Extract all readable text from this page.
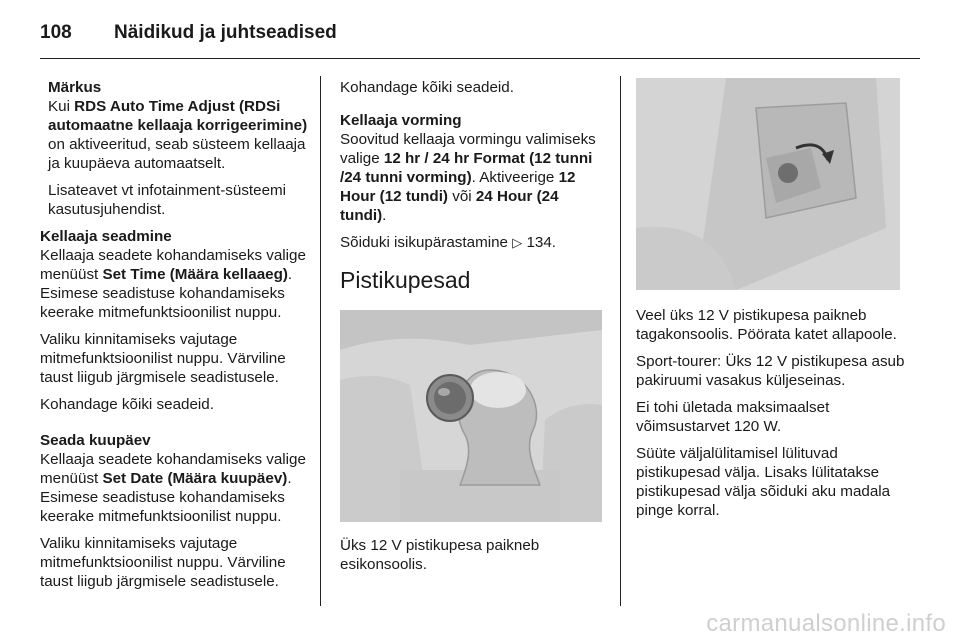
108 Näidikud ja juhtseadised
Märkus

Kui RDS Auto Time Adjust (RDSi automaatne kellaaja korrigeerimine) on aktiveeritud, seab süsteem kellaaja ja kuupäeva automaatselt.

Lisateavet vt infotainment-süsteemi kasutusjuhendist.

Kellaaja seadmine

Kellaaja seadete kohandamiseks valige menüüst Set Time (Määra kellaaeg). Esimese seadistuse kohandamiseks keerake mitmefunktsioonilist nuppu.

Valiku kinnitamiseks vajutage mitmefunktsioonilist nuppu. Värviline taust liigub järgmisele seadistusele.

Kohandage kõiki seadeid.

Seada kuupäev

Kellaaja seadete kohandamiseks valige menüüst Set Date (Määra kuupäev). Esimese seadistuse kohandamiseks keerake mitmefunktsioonilist nuppu.

Valiku kinnitamiseks vajutage mitmefunktsioonilist nuppu. Värviline taust liigub järgmisele seadistusele.

Kohandage kõiki seadeid.

Kellaaja vorming

Soovitud kellaaja vormingu valimiseks valige 12 hr / 24 hr Format (12 tunni /24 tunni vorming). Aktiveerige 12 Hour (12 tundi) või 24 Hour (24 tundi).

Sõiduki isikupärastamine ▷ 134.

Pistikupesad

Üks 12 V pistikupesa paikneb esikonsoolis.

Veel üks 12 V pistikupesa paikneb tagakonsoolis. Pöörata katet allapoole.

Sport-tourer: Üks 12 V pistikupesa asub pakiruumi vasakus küljeseinas.

Ei tohi ületada maksimaalset võimsustarvet 120 W.

Süüte väljalülitamisel lülituvad pistikupesad välja. Lisaks lülitatakse pistikupesad välja sõiduki aku madala pinge korral.

carmanualsonline.info
